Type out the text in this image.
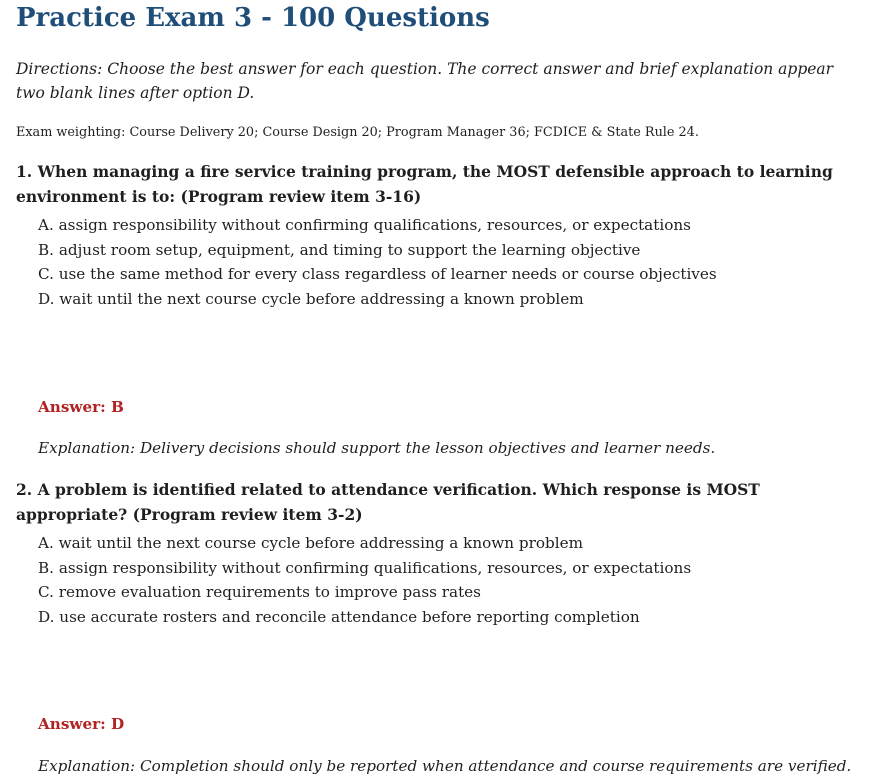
Practice Exam 3 - 100 Questions

Directions: Choose the best answer for each question. The correct answer and brief explanation appear two blank lines after option D.

Exam weighting: Course Delivery 20; Course Design 20; Program Manager 36; FCDICE & State Rule 24.

1. When managing a fire service training program, the MOST defensible approach to learning environment is to: (Program review item 3-16)

A. assign responsibility without confirming qualifications, resources, or expectations
B. adjust room setup, equipment, and timing to support the learning objective
C. use the same method for every class regardless of learner needs or course objectives
D. wait until the next course cycle before addressing a known problem

Answer: B

Explanation: Delivery decisions should support the lesson objectives and learner needs.

2. A problem is identified related to attendance verification. Which response is MOST appropriate? (Program review item 3-2)

A. wait until the next course cycle before addressing a known problem
B. assign responsibility without confirming qualifications, resources, or expectations
C. remove evaluation requirements to improve pass rates
D. use accurate rosters and reconcile attendance before reporting completion

Answer: D

Explanation: Completion should only be reported when attendance and course requirements are verified.
